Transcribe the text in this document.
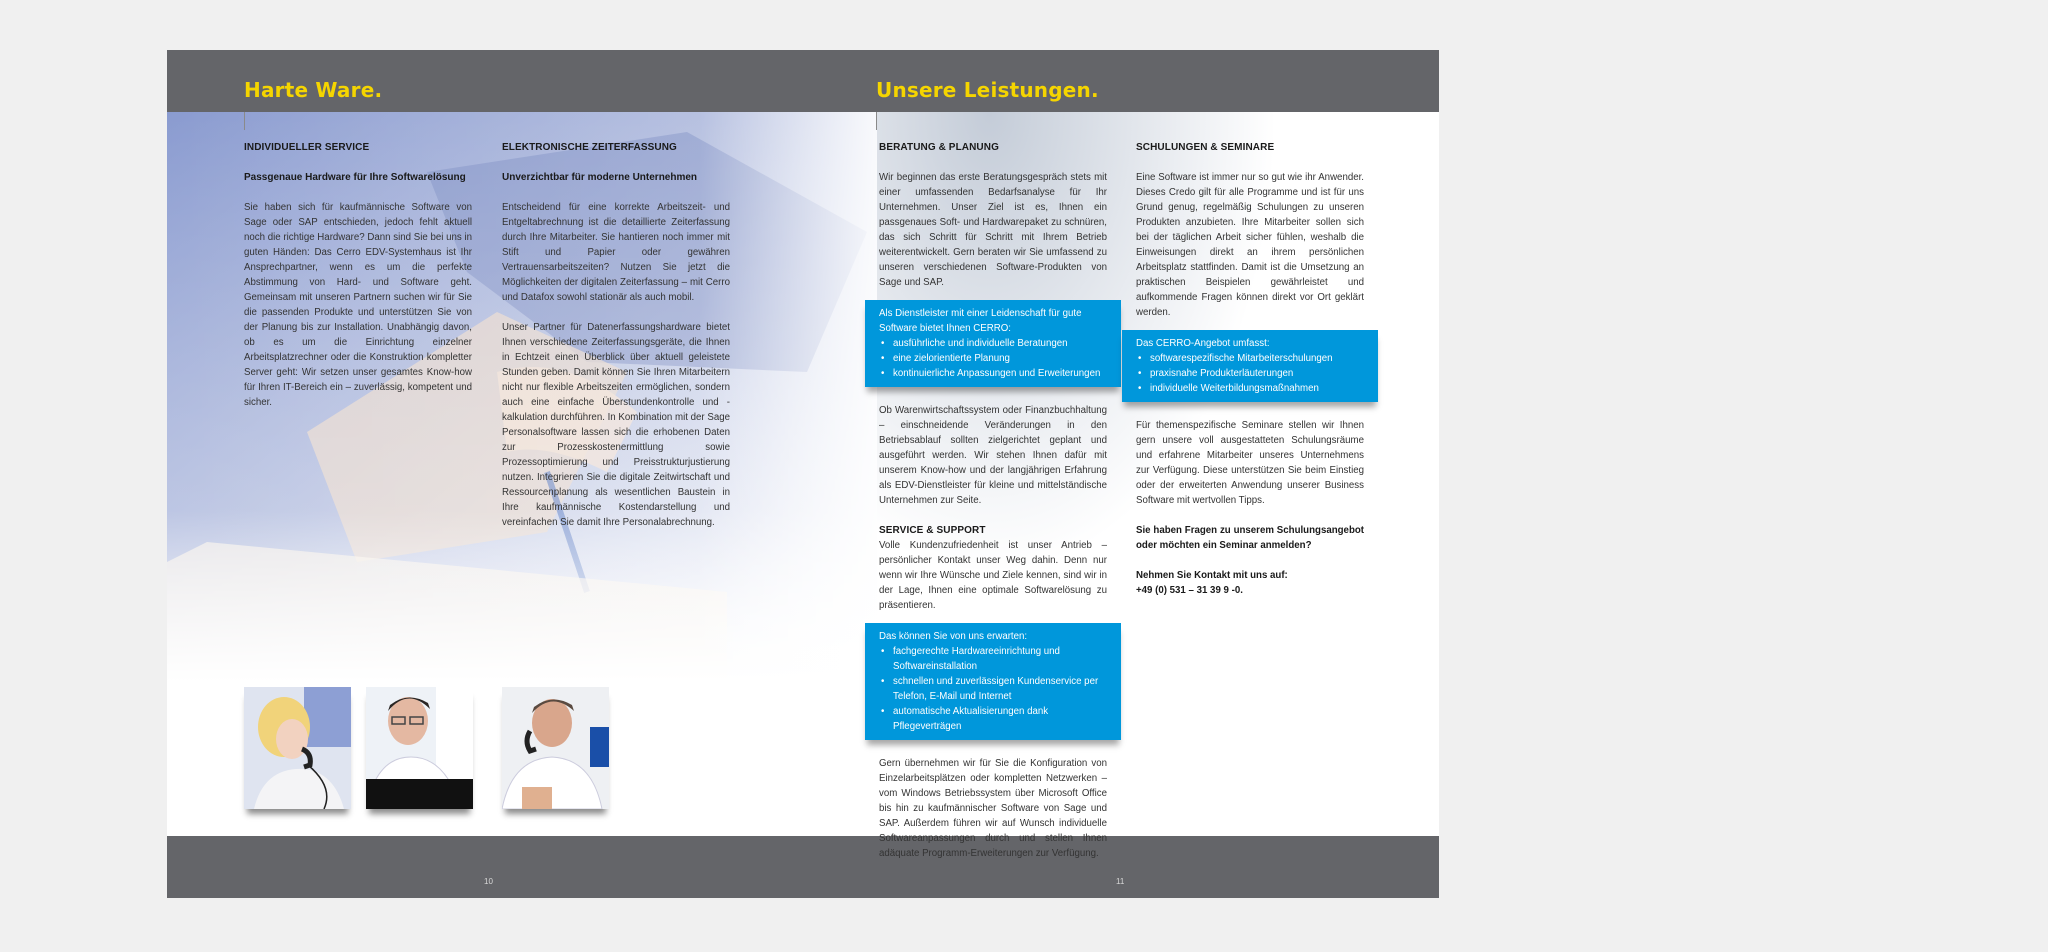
Harte Ware.	Unsere Leistungen.
INDIVIDUELLER SERVICE
Passgenaue Hardware für Ihre Softwarelösung

Sie haben sich für kaufmännische Software von Sage oder SAP entschieden, jedoch fehlt aktuell noch die richtige Hardware? Dann sind Sie bei uns in guten Händen: Das Cerro EDV-Systemhaus ist Ihr Ansprechpartner, wenn es um die perfekte Abstimmung von Hard- und Software geht. Gemeinsam mit unseren Partnern suchen wir für Sie die passenden Produkte und unterstützen Sie von der Planung bis zur Installation. Unabhängig davon, ob es um die Einrichtung einzelner Arbeitsplatzrechner oder die Konstruktion kompletter Server geht: Wir setzen unser gesamtes Know-how für Ihren IT-Bereich ein – zuverlässig, kompetent und sicher.

ELEKTRONISCHE ZEITERFASSUNG
Unverzichtbar für moderne Unternehmen

Entscheidend für eine korrekte Arbeitszeit- und Entgeltabrechnung ist die detaillierte Zeiterfassung durch Ihre Mitarbeiter. Sie hantieren noch immer mit Stift und Papier oder gewähren Vertrauensarbeitszeiten? Nutzen Sie jetzt die Möglichkeiten der digitalen Zeiterfassung – mit Cerro und Datafox sowohl stationär als auch mobil.

Unser Partner für Datenerfassungshardware bietet Ihnen verschiedene Zeiterfassungsgeräte, die Ihnen in Echtzeit einen Überblick über aktuell geleistete Stunden geben. Damit können Sie Ihren Mitarbeitern nicht nur flexible Arbeitszeiten ermöglichen, sondern auch eine einfache Überstundenkontrolle und -kalkulation durchführen. In Kombination mit der Sage Personalsoftware lassen sich die erhobenen Daten zur Prozesskostenermittlung sowie Prozessoptimierung und Preisstrukturjustierung nutzen. Integrieren Sie die digitale Zeitwirtschaft und Ressourcenplanung als wesentlichen Baustein in Ihre kaufmännische Kostendarstellung und vereinfachen Sie damit Ihre Personalabrechnung.

BERATUNG & PLANUNG

Wir beginnen das erste Beratungsgespräch stets mit einer umfassenden Bedarfsanalyse für Ihr Unternehmen. Unser Ziel ist es, Ihnen ein passgenaues Soft- und Hardwarepaket zu schnüren, das sich Schritt für Schritt mit Ihrem Betrieb weiterentwickelt. Gern beraten wir Sie umfassend zu unseren verschiedenen Software-Produkten von Sage und SAP.

Als Dienstleister mit einer Leidenschaft für gute Software bietet Ihnen CERRO:
• ausführliche und individuelle Beratungen
• eine zielorientierte Planung
• kontinuierliche Anpassungen und Erweiterungen

Ob Warenwirtschaftssystem oder Finanzbuchhaltung – einschneidende Veränderungen in den Betriebsablauf sollten zielgerichtet geplant und ausgeführt werden. Wir stehen Ihnen dafür mit unserem Know-how und der langjährigen Erfahrung als EDV-Dienstleister für kleine und mittelständische Unternehmen zur Seite.

SERVICE & SUPPORT

Volle Kundenzufriedenheit ist unser Antrieb – persönlicher Kontakt unser Weg dahin. Denn nur wenn wir Ihre Wünsche und Ziele kennen, sind wir in der Lage, Ihnen eine optimale Softwarelösung zu präsentieren.

Das können Sie von uns erwarten:
• fachgerechte Hardwareeinrichtung und Softwareinstallation
• schnellen und zuverlässigen Kundenservice per Telefon, E-Mail und Internet
• automatische Aktualisierungen dank Pflegeverträgen

Gern übernehmen wir für Sie die Konfiguration von Einzelarbeitsplätzen oder kompletten Netzwerken – vom Windows Betriebssystem über Microsoft Office bis hin zu kaufmännischer Software von Sage und SAP. Außerdem führen wir auf Wunsch individuelle Softwareanpassungen durch und stellen Ihnen adäquate Programm-Erweiterungen zur Verfügung.

SCHULUNGEN & SEMINARE

Eine Software ist immer nur so gut wie ihr Anwender. Dieses Credo gilt für alle Programme und ist für uns Grund genug, regelmäßig Schulungen zu unseren Produkten anzubieten. Ihre Mitarbeiter sollen sich bei der täglichen Arbeit sicher fühlen, weshalb die Einweisungen direkt an ihrem persönlichen Arbeitsplatz stattfinden. Damit ist die Umsetzung an praktischen Beispielen gewährleistet und aufkommende Fragen können direkt vor Ort geklärt werden.

Das CERRO-Angebot umfasst:
• softwarespezifische Mitarbeiterschulungen
• praxisnahe Produkterläuterungen
• individuelle Weiterbildungsmaßnahmen

Für themenspezifische Seminare stellen wir Ihnen gern unsere voll ausgestatteten Schulungsräume und erfahrene Mitarbeiter unseres Unternehmens zur Verfügung. Diese unterstützen Sie beim Einstieg oder der erweiterten Anwendung unserer Business Software mit wertvollen Tipps.

Sie haben Fragen zu unserem Schulungsangebot oder möchten ein Seminar anmelden?

Nehmen Sie Kontakt mit uns auf:

+49 (0) 531 – 31 39 9 -0.

10	11
